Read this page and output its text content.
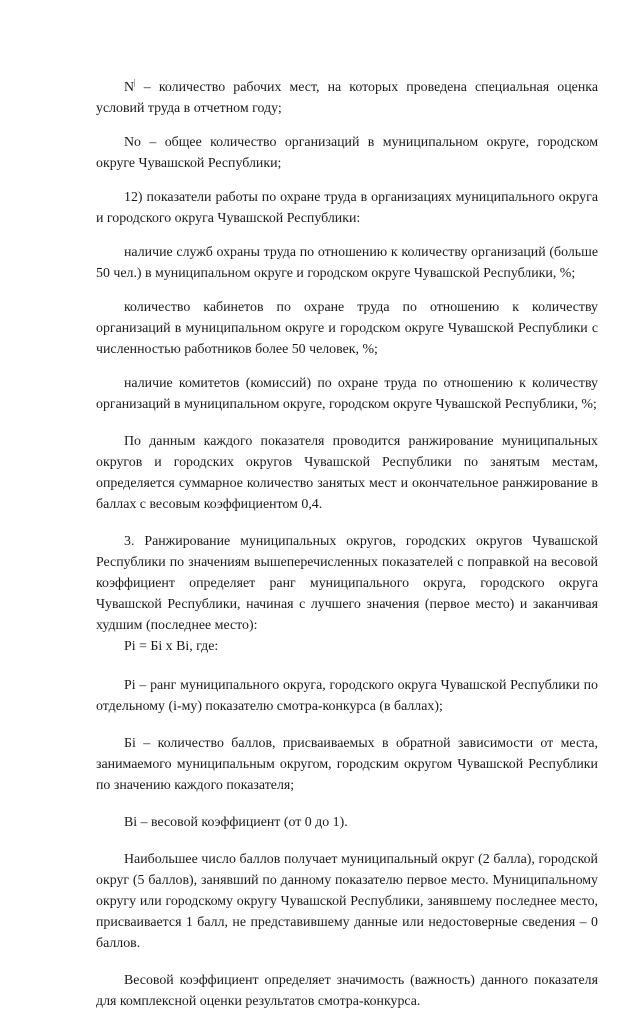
N| – количество рабочих мест, на которых проведена специальная оценка условий труда в отчетном году;

No – общее количество организаций в муниципальном округе, городском округе Чувашской Республики;

12) показатели работы по охране труда в организациях муниципального округа и городского округа Чувашской Республики:

наличие служб охраны труда по отношению к количеству организаций (больше 50 чел.) в муниципальном округе и городском округе Чувашской Республики, %;

количество кабинетов по охране труда по отношению к количеству организаций в муниципальном округе и городском округе Чувашской Республики с численностью работников более 50 человек, %;

наличие комитетов (комиссий) по охране труда по отношению к количеству организаций в муниципальном округе, городском округе Чувашской Республики, %;

По данным каждого показателя проводится ранжирование муниципальных округов и городских округов Чувашской Республики по занятым местам, определяется суммарное количество занятых мест и окончательное ранжирование в баллах с весовым коэффициентом 0,4.

3. Ранжирование муниципальных округов, городских округов Чувашской Республики по значениям вышеперечисленных показателей с поправкой на весовой коэффициент определяет ранг муниципального округа, городского округа Чувашской Республики, начиная с лучшего значения (первое место) и заканчивая худшим (последнее место):

Pi = Бі x Ві, где:

Pi – ранг муниципального округа, городского округа Чувашской Республики по отдельному (i-му) показателю смотра-конкурса (в баллах);

Бі – количество баллов, присваиваемых в обратной зависимости от места, занимаемого муниципальным округом, городским округом Чувашской Республики по значению каждого показателя;

Ві – весовой коэффициент (от 0 до 1).

Наибольшее число баллов получает муниципальный округ (2 балла), городской округ (5 баллов), занявший по данному показателю первое место. Муниципальному округу или городскому округу Чувашской Республики, занявшему последнее место, присваивается 1 балл, не представившему данные или недостоверные сведения – 0 баллов.

Весовой коэффициент определяет значимость (важность) данного показателя для комплексной оценки результатов смотра-конкурса.
